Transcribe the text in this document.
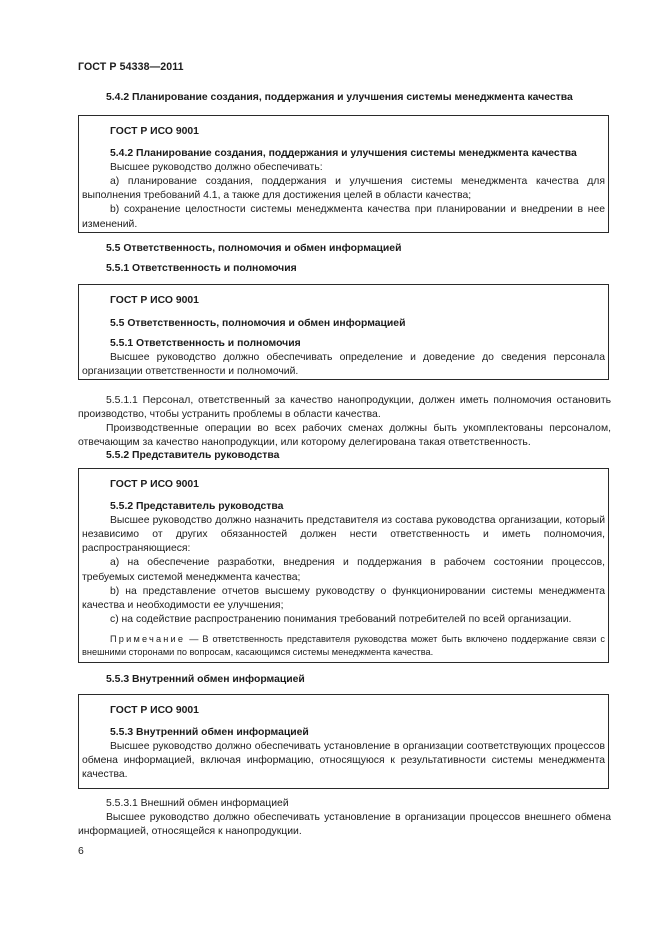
ГОСТ Р 54338—2011

5.4.2 Планирование создания, поддержания и улучшения системы менеджмента качества

ГОСТ Р ИСО 9001

5.4.2 Планирование создания, поддержания и улучшения системы менеджмента качества

Высшее руководство должно обеспечивать:

а) планирование создания, поддержания и улучшения системы менеджмента качества для выполнения требований 4.1, а также для достижения целей в области качества;

b) сохранение целостности системы менеджмента качества при планировании и внедрении в нее изменений.

5.5 Ответственность, полномочия и обмен информацией

5.5.1 Ответственность и полномочия

ГОСТ Р ИСО 9001

5.5 Ответственность, полномочия и обмен информацией

5.5.1 Ответственность и полномочия

Высшее руководство должно обеспечивать определение и доведение до сведения персонала организации ответственности и полномочий.

5.5.1.1 Персонал, ответственный за качество нанопродукции, должен иметь полномочия остановить производство, чтобы устранить проблемы в области качества.

Производственные операции во всех рабочих сменах должны быть укомплектованы персоналом, отвечающим за качество нанопродукции, или которому делегирована такая ответственность.

5.5.2 Представитель руководства

ГОСТ Р ИСО 9001

5.5.2 Представитель руководства

Высшее руководство должно назначить представителя из состава руководства организации, который независимо от других обязанностей должен нести ответственность и иметь полномочия, распространяющиеся:

а) на обеспечение разработки, внедрения и поддержания в рабочем состоянии процессов, требуемых системой менеджмента качества;

b) на представление отчетов высшему руководству о функционировании системы менеджмента качества и необходимости ее улучшения;

c) на содействие распространению понимания требований потребителей по всей организации.

Примечание — В ответственность представителя руководства может быть включено поддержание связи с внешними сторонами по вопросам, касающимся системы менеджмента качества.

5.5.3 Внутренний обмен информацией

ГОСТ Р ИСО 9001

5.5.3 Внутренний обмен информацией

Высшее руководство должно обеспечивать установление в организации соответствующих процессов обмена информацией, включая информацию, относящуюся к результативности системы менеджмента качества.

5.5.3.1 Внешний обмен информацией

Высшее руководство должно обеспечивать установление в организации процессов внешнего обмена информацией, относящейся к нанопродукции.

6
